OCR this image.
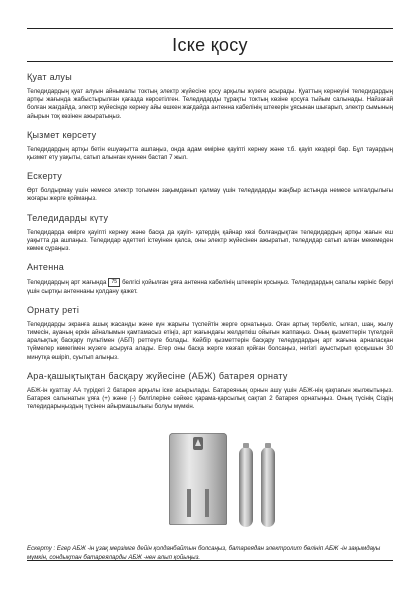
Іске қосу

Қуат алуы

Теледидардың қуат алуын айнымалы токтың электр жүйесіне қосу арқылы жүзеге асырады. Қуаттың кернеуіні теледидардың артқы жағында жабыстырылған қағазда көрсетілген. Теледидарды тұрақты токтың көзіне қосуға тыйым салынады. Найзағай болған жағдайда, электр жүйесінде кернеу айы өшкен жағдайда антенна кабелінің штекерін ұясынан шығарып, электр сымының айырын тоқ көзінен ажыратыңыз.

Қызмет көрсету

Теледидардың артқы бетін ешуақытта ашпаңыз, онда адам өміріне қауіпті кернеу және т.б. қауіп көздері бар. Бұл тауардың қызмет ету уақыты, сатып алынған күннен бастап 7 жыл.

Ескерту

Өрт болдырмау үшін немесе электр тогымен зақымданып қалмау үшін теледидарды жаңбыр астында немесе ылғалдылығы жоғары жерге қоймаңыз.

Теледидарды күту

Теледидарда өміpге қауіпті кернеу және басқа да қауіп- қатердің қайнар көзі болғандықтан теледидардың артқы жағын еш уақытта да ашпаңыз. Теледидар әдеттегі істеуінен қалса, оны электр жүйесінен ажыратып, теледидар сатып алған мекемеден көмек сұраңыз.

Антенна

Теледидардың арт жағында 75 белгісі қойылған ұяға антенна кабелінің штекерін қосыңыз. Теледидардың сапалы көрініс беруі үшін сыртқы антеннаны қолдану қажет.

Орнату реті

Теледидарды экранға ашық жасанды және күн жарығы түспейтін жерге орнатыңыз. Оған артық тербеліс, ылғал, шаң, жылу тимесін, ауаның еркін айналымын қамтамасыз етіңіз, арт жағындағы желдеткіш ойығын жаппаңыз. Оның қызметтерін түгелдей аралықтық басқару пультімен (АБП) реттеуге болады. Кейбір қызметтерін басқару теледидардың арт жағына арналасқан түймелер көмегімен жүзеге асыруға алады. Егер оны басқа жерге көзғап қойған болсаңыз, негізгі ауыстырып қосқышын 30 минутқа өшіріп, суытып алыңыз.

Ара-қашықтықтан басқару жүйесіне (АБЖ) батарея орнату

АБЖ-ін қуаттау АА түрідегі 2 батарея арқылы іске асырылады. Батареяның орнын ашу үшін АБЖ-нің қақпағын жылжытыңыз. Батарея салынатын ұяға (+) және (-) белгілерінe сәйкес қарама-қарсылық сақтап 2 батарея орнатыңыз. Оның түсінің Сіздің теледидарыңыздың түсінен айырмашылығы болуы мүмкін.

Ескерту : Егер АБЖ -ін ұзақ мерзімге дейін қолданбайтын болсаңыз, батареядан электролит бөлініп АБЖ -ін зақымдауы мүмкін, сондықтан батареяларды АБЖ -нен алып қойыңыз.
